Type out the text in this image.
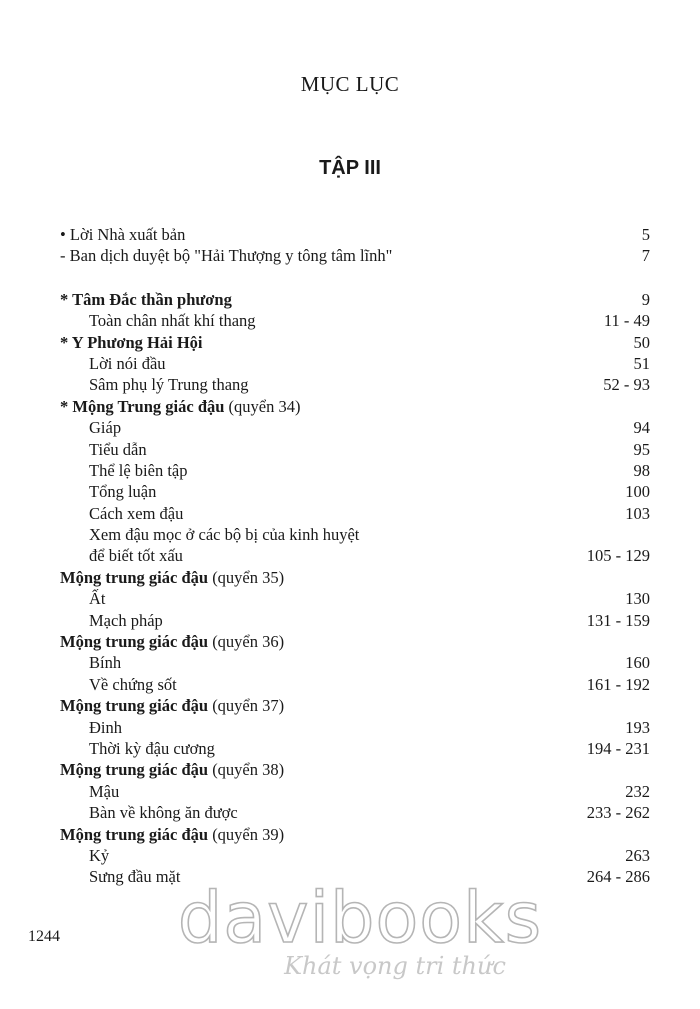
MỤC LỤC
TẬP III
• Lời Nhà xuất bản	5
- Ban dịch duyệt bộ "Hải Thượng y tông tâm lĩnh"	7
* Tâm Đắc thần phương	9
Toàn chân nhất khí thang	11 - 49
* Y Phương Hải Hội	50
Lời nói đầu	51
Sâm phụ lý Trung thang	52 - 93
* Mộng Trung giác đậu (quyển 34)
Giáp	94
Tiểu dẫn	95
Thể lệ biên tập	98
Tổng luận	100
Cách xem đậu	103
Xem đậu mọc ở các bộ bị của kinh huyệt
để biết tốt xấu	105 - 129
Mộng trung giác đậu (quyển 35)
Ất	130
Mạch pháp	131 - 159
Mộng trung giác đậu (quyển 36)
Bính	160
Về chứng sốt	161 - 192
Mộng trung giác đậu (quyển 37)
Đinh	193
Thời kỳ đậu cương	194 - 231
Mộng trung giác đậu (quyển 38)
Mậu	232
Bàn về không ăn được	233 - 262
Mộng trung giác đậu (quyển 39)
Kỷ	263
Sưng đầu mặt	264 - 286
1244	davibooks
Khát vọng tri thức
